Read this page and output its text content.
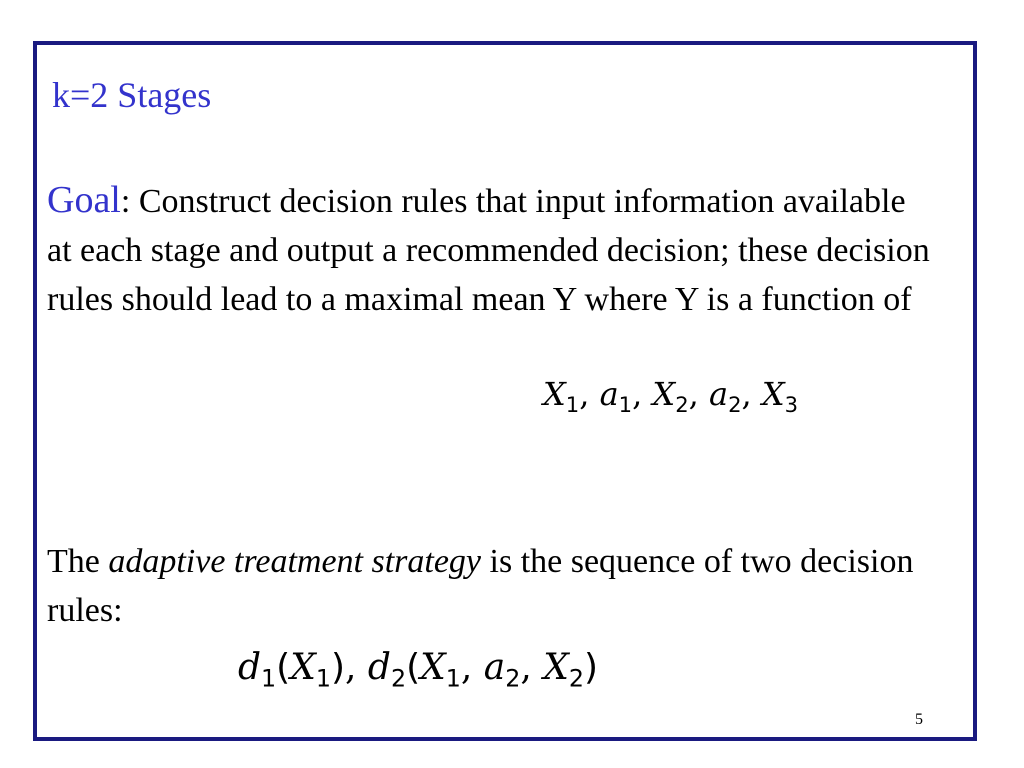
k=2 Stages
Goal: Construct decision rules that input information available at each stage and output a recommended decision; these decision rules should lead to a maximal mean Y where Y is a function of
$X_1$, $a_1$, $X_2$, $a_2$, $X_3$
The adaptive treatment strategy is the sequence of two decision rules:
$d_1(X_1)$, $d_2(X_1$, $a_2$, $X_2$)
5
